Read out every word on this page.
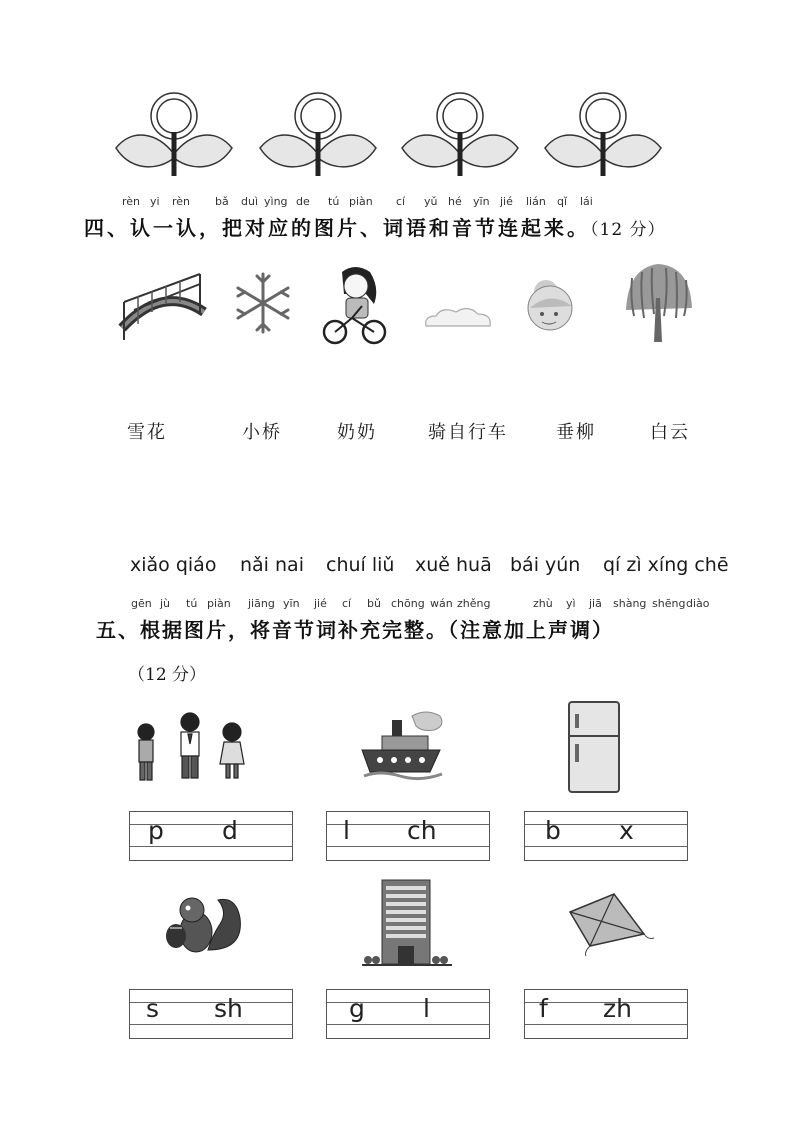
rèn yi rèn bǎ duì yìng de tú piàn cí yǔ hé yīn jié lián qǐ lái
四、认一认，把对应的图片、词语和音节连起来。（12 分）
雪花	小桥	奶奶	骑自行车	垂柳	白云
xiǎo qiáo nǎi nai chuí liǔ xuě huā bái yún qí zì xíng chē
gēn jù tú piàn jiāng yīn jié cí bǔ chōng wán zhěng	zhù yì jiā shàng shēng diào
五、根据图片，将音节词补充完整。（注意加上声调）
（12 分）
p d	l ch	b x
s sh	g l	f zh
